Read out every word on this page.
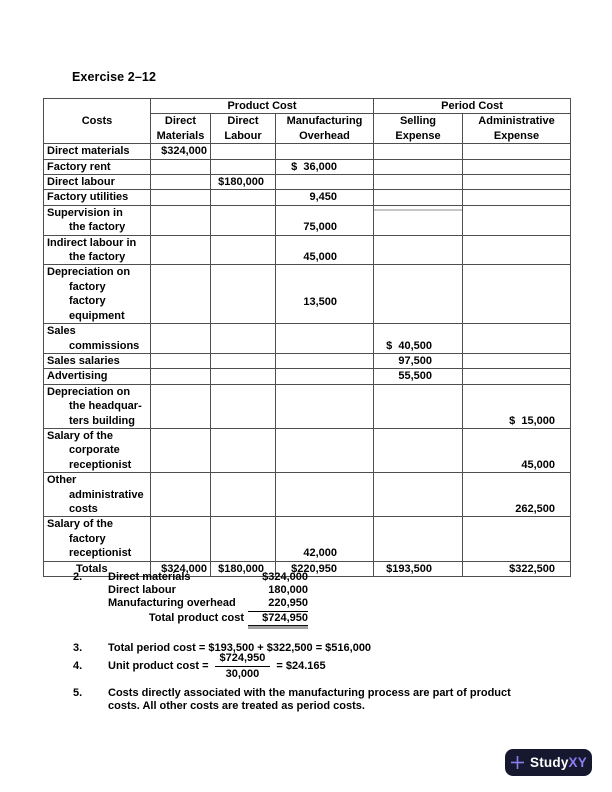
Exercise 2–12
Costs	Product Cost			Period Cost	
	Direct Materials	Direct Labour	Manufacturing Overhead	Selling Expense	Administrative Expense

Direct materials	$324,000				

Factory rent			$  36,000		

Direct labour		$180,000			

Factory utilities			9,450		

Supervision in
the factory			75,000		

Indirect labour in
the factory			45,000		

Depreciation on
factory
factory
equipment			13,500		

Sales
commissions				$  40,500	

Sales salaries				97,500	

Advertising				55,500	

Depreciation on
the headquar-
ters building					$  15,000

Salary of the
corporate
receptionist					45,000

Other
administrative
costs					262,500

Salary of the
factory
receptionist			42,000		
Totals	$324,000	$180,000	$220,950	$193,500	$322,500
2.	Direct materials	$324,000
Direct labour	180,000
Manufacturing overhead	220,950
Total product cost	$724,950
3.	Total period cost = $193,500 + $322,500 = $516,000
4.	Unit product $\cos t = \frac{\$724,950}{30,000}$ = $24.165
5.	Costs directly associated with the manufacturing process are part of product
costs. All other costs are treated as period costs.
StudyXY
